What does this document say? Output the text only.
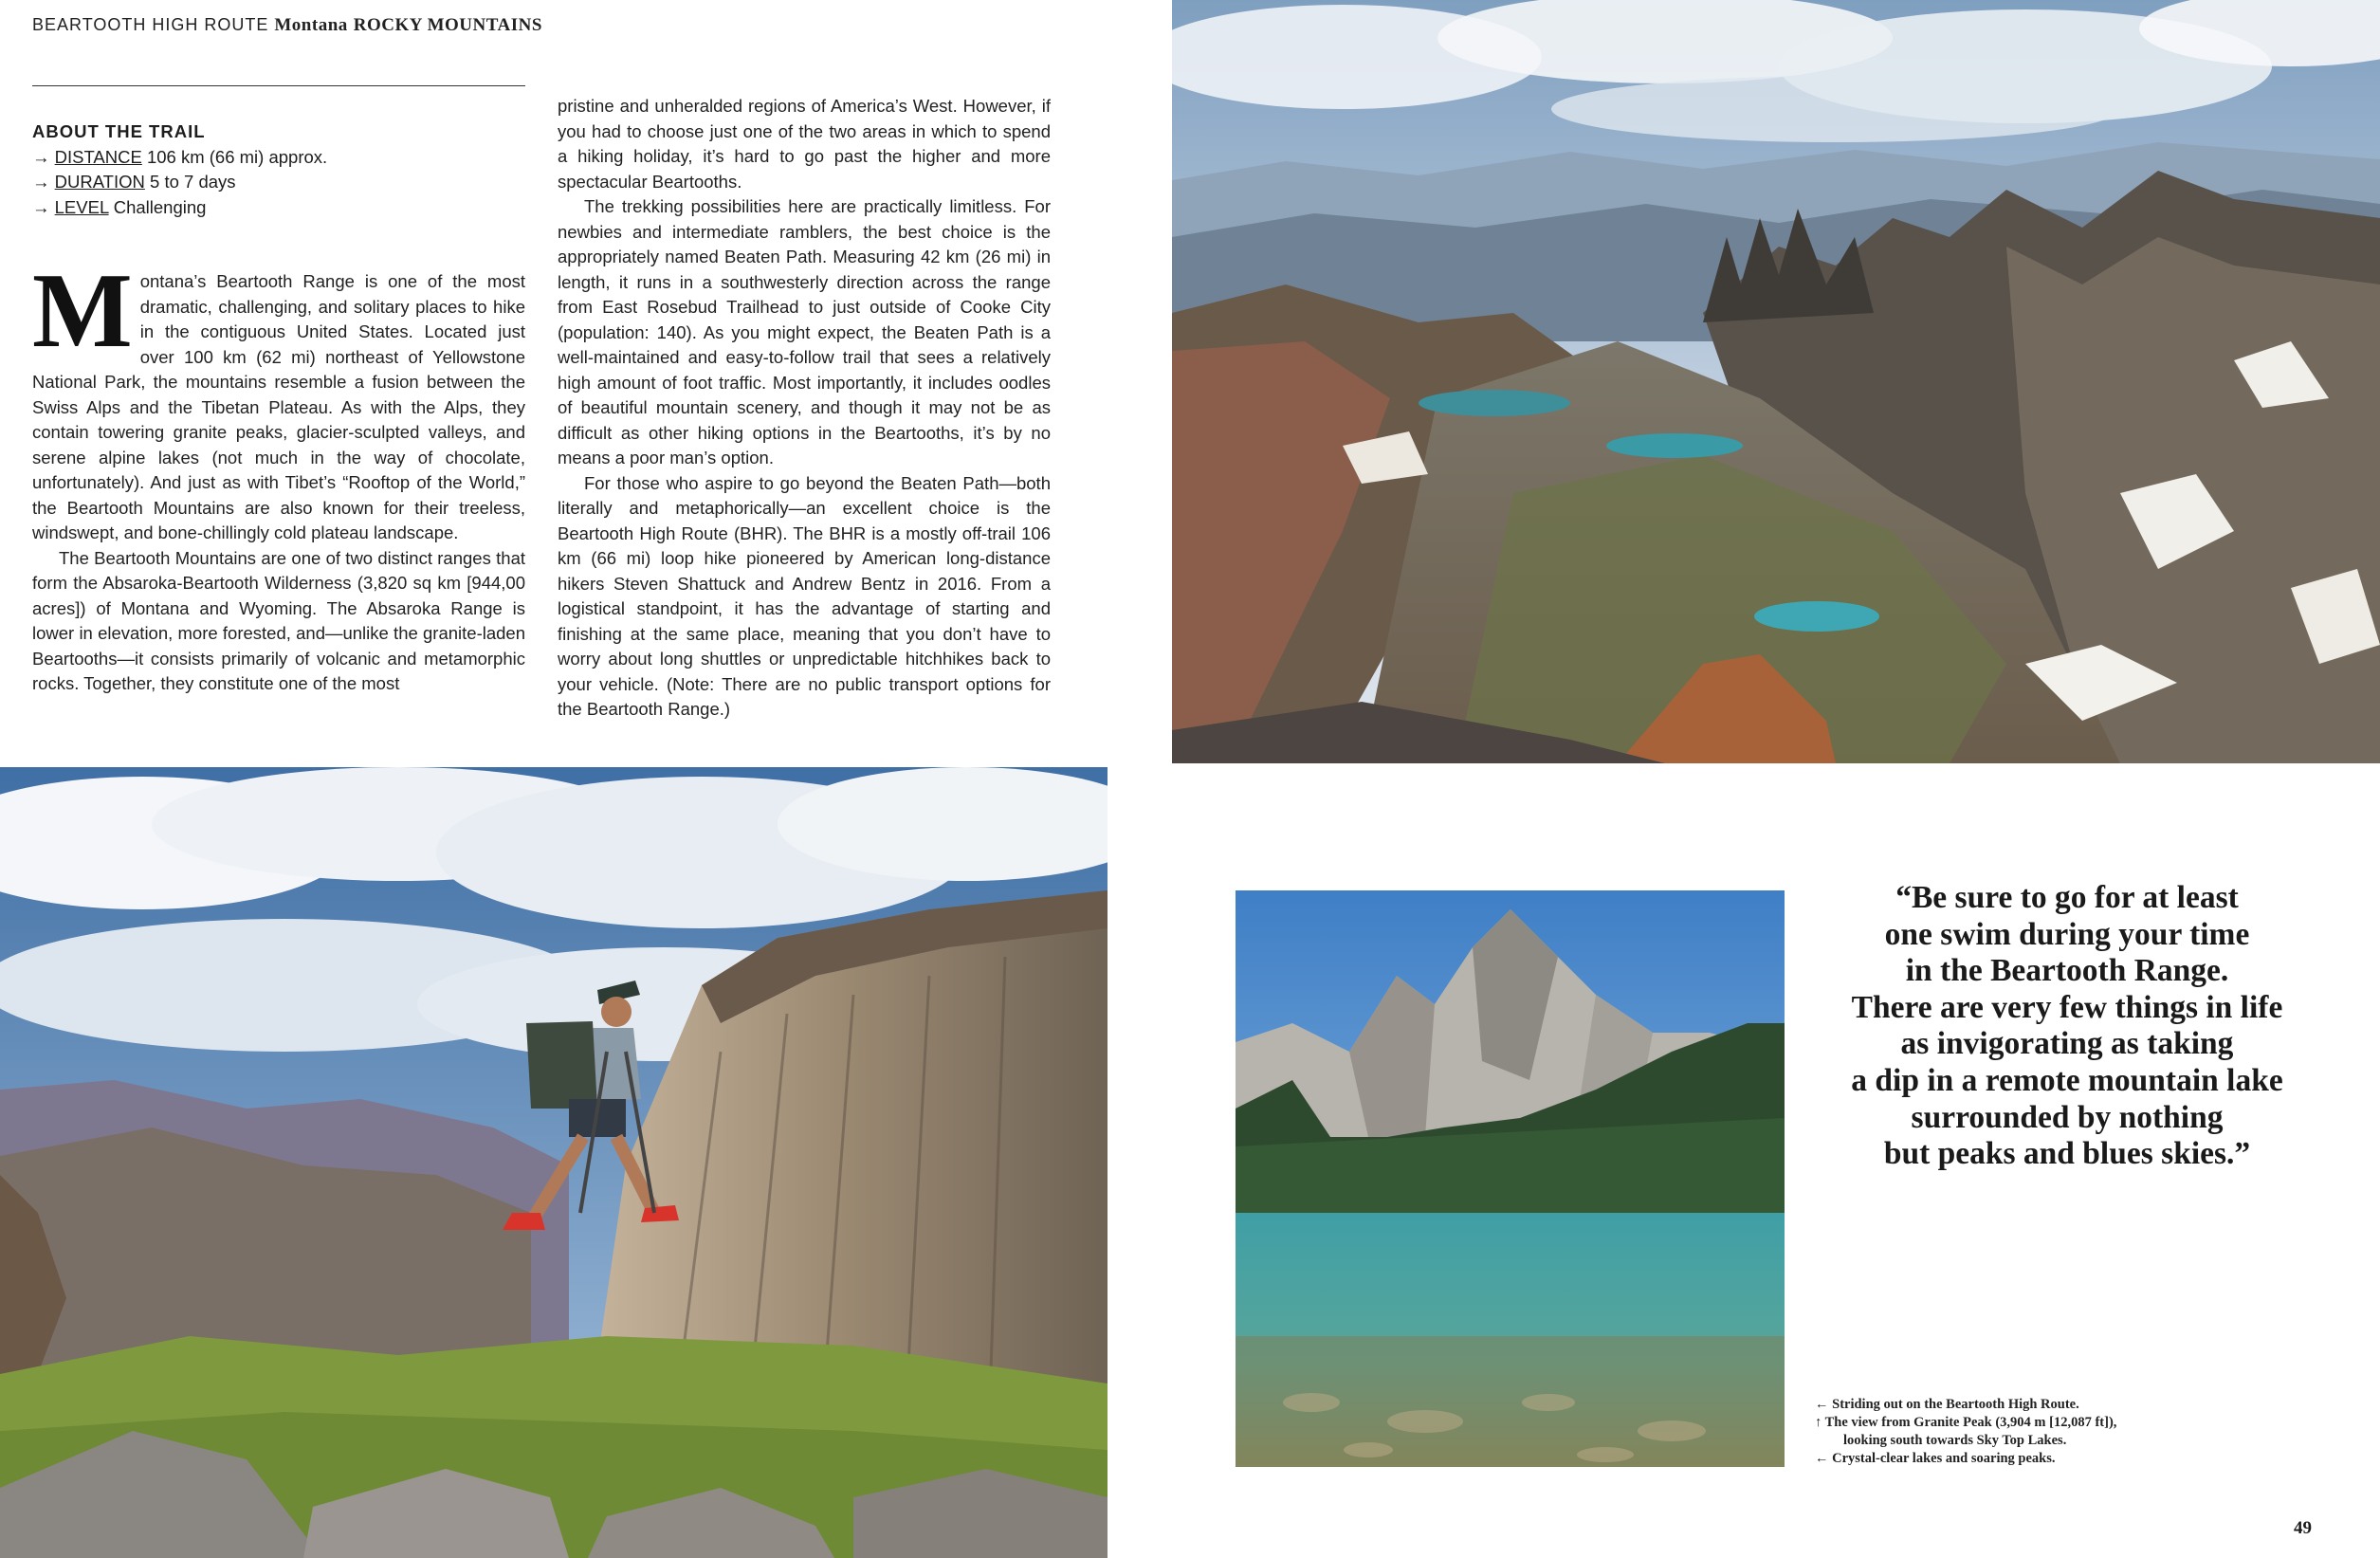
BEARTOOTH HIGH ROUTE Montana ROCKY MOUNTAINS
ABOUT THE TRAIL
→ DISTANCE 106 km (66 mi) approx.
→ DURATION 5 to 7 days
→ LEVEL Challenging

Montana’s Beartooth Range is one of the most dramatic, challenging, and solitary places to hike in the contiguous United States. Located just over 100 km (62 mi) northeast of Yellowstone National Park, the mountains resemble a fusion between the Swiss Alps and the Tibetan Plateau. As with the Alps, they contain towering granite peaks, glacier-sculpted valleys, and serene alpine lakes (not much in the way of chocolate, unfortunately). And just as with Tibet’s “Rooftop of the World,” the Beartooth Mountains are also known for their treeless, windswept, and bone-chillingly cold plateau landscape.

The Beartooth Mountains are one of two distinct ranges that form the Absaroka-Beartooth Wilderness (3,820 sq km [944,00 acres]) of Montana and Wyoming. The Absaroka Range is lower in elevation, more forested, and—unlike the granite-laden Beartooths—it consists primarily of volcanic and metamorphic rocks. Together, they constitute one of the most

pristine and unheralded regions of America’s West. However, if you had to choose just one of the two areas in which to spend a hiking holiday, it’s hard to go past the higher and more spectacular Beartooths.

The trekking possibilities here are practically limitless. For newbies and intermediate ramblers, the best choice is the appropriately named Beaten Path. Measuring 42 km (26 mi) in length, it runs in a southwesterly direction across the range from East Rosebud Trailhead to just outside of Cooke City (population: 140). As you might expect, the Beaten Path is a well-maintained and easy-to-follow trail that sees a relatively high amount of foot traffic. Most importantly, it includes oodles of beautiful mountain scenery, and though it may not be as difficult as other hiking options in the Beartooths, it’s by no means a poor man’s option.

For those who aspire to go beyond the Beaten Path—both literally and metaphorically—an excellent choice is the Beartooth High Route (BHR). The BHR is a mostly off-trail 106 km (66 mi) loop hike pioneered by American long-distance hikers Steven Shattuck and Andrew Bentz in 2016. From a logistical standpoint, it has the advantage of starting and finishing at the same place, meaning that you don’t have to worry about long shuttles or unpredictable hitchhikes back to your vehicle. (Note: There are no public transport options for the Beartooth Range.)

“Be sure to go for at least
one swim during your time
in the Beartooth Range.
There are very few things in life
as invigorating as taking
a dip in a remote mountain lake
surrounded by nothing
but peaks and blues skies.”
← Striding out on the Beartooth High Route.
↑ The view from Granite Peak (3,904 m [12,087 ft]),
looking south towards Sky Top Lakes.
← Crystal-clear lakes and soaring peaks.
49
